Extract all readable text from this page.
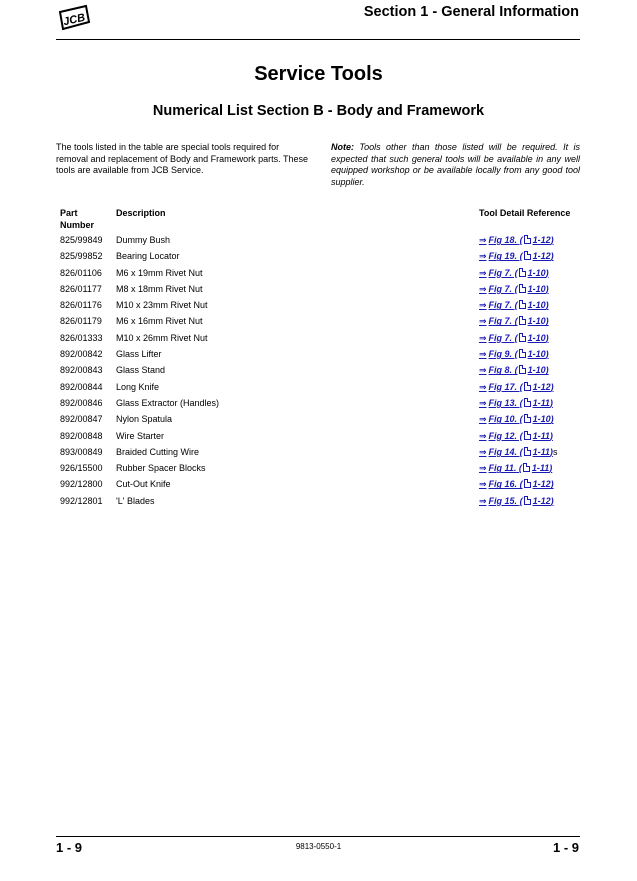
JCB	Section 1 - General Information
Service Tools
Numerical List Section B - Body and Framework
The tools listed in the table are special tools required for removal and replacement of Body and Framework parts. These tools are available from JCB Service.
Note: Tools other than those listed will be required. It is expected that such general tools will be available in any well equipped workshop or be available locally from any good tool supplier.
Part Number
Description	Tool Detail Reference
825/99849 Dummy Bush	⇒ Fig 18. ( 1-12)
825/99852 Bearing Locator	⇒ Fig 19. ( 1-12)
826/01106 M6 x 19mm Rivet Nut	⇒ Fig 7. ( 1-10)
826/01177 M8 x 18mm Rivet Nut	⇒ Fig 7. ( 1-10)
826/01176 M10 x 23mm Rivet Nut	⇒ Fig 7. ( 1-10)
826/01179 M6 x 16mm Rivet Nut	⇒ Fig 7. ( 1-10)
826/01333 M10 x 26mm Rivet Nut	⇒ Fig 7. ( 1-10)
892/00842 Glass Lifter	⇒ Fig 9. ( 1-10)
892/00843 Glass Stand	⇒ Fig 8. ( 1-10)
892/00844 Long Knife	⇒ Fig 17. ( 1-12)
892/00846 Glass Extractor (Handles)	⇒ Fig 13. ( 1-11)
892/00847 Nylon Spatula	⇒ Fig 10. ( 1-10)
892/00848 Wire Starter	⇒ Fig 12. ( 1-11)
893/00849 Braided Cutting Wire	⇒ Fig 14. ( 1-11) s
926/15500 Rubber Spacer Blocks	⇒ Fig 11. ( 1-11)
992/12800 Cut-Out Knife	⇒ Fig 16. ( 1-12)
992/12801 'L' Blades	⇒ Fig 15. ( 1-12)
1 - 9	9813-0550-1	1 - 9
